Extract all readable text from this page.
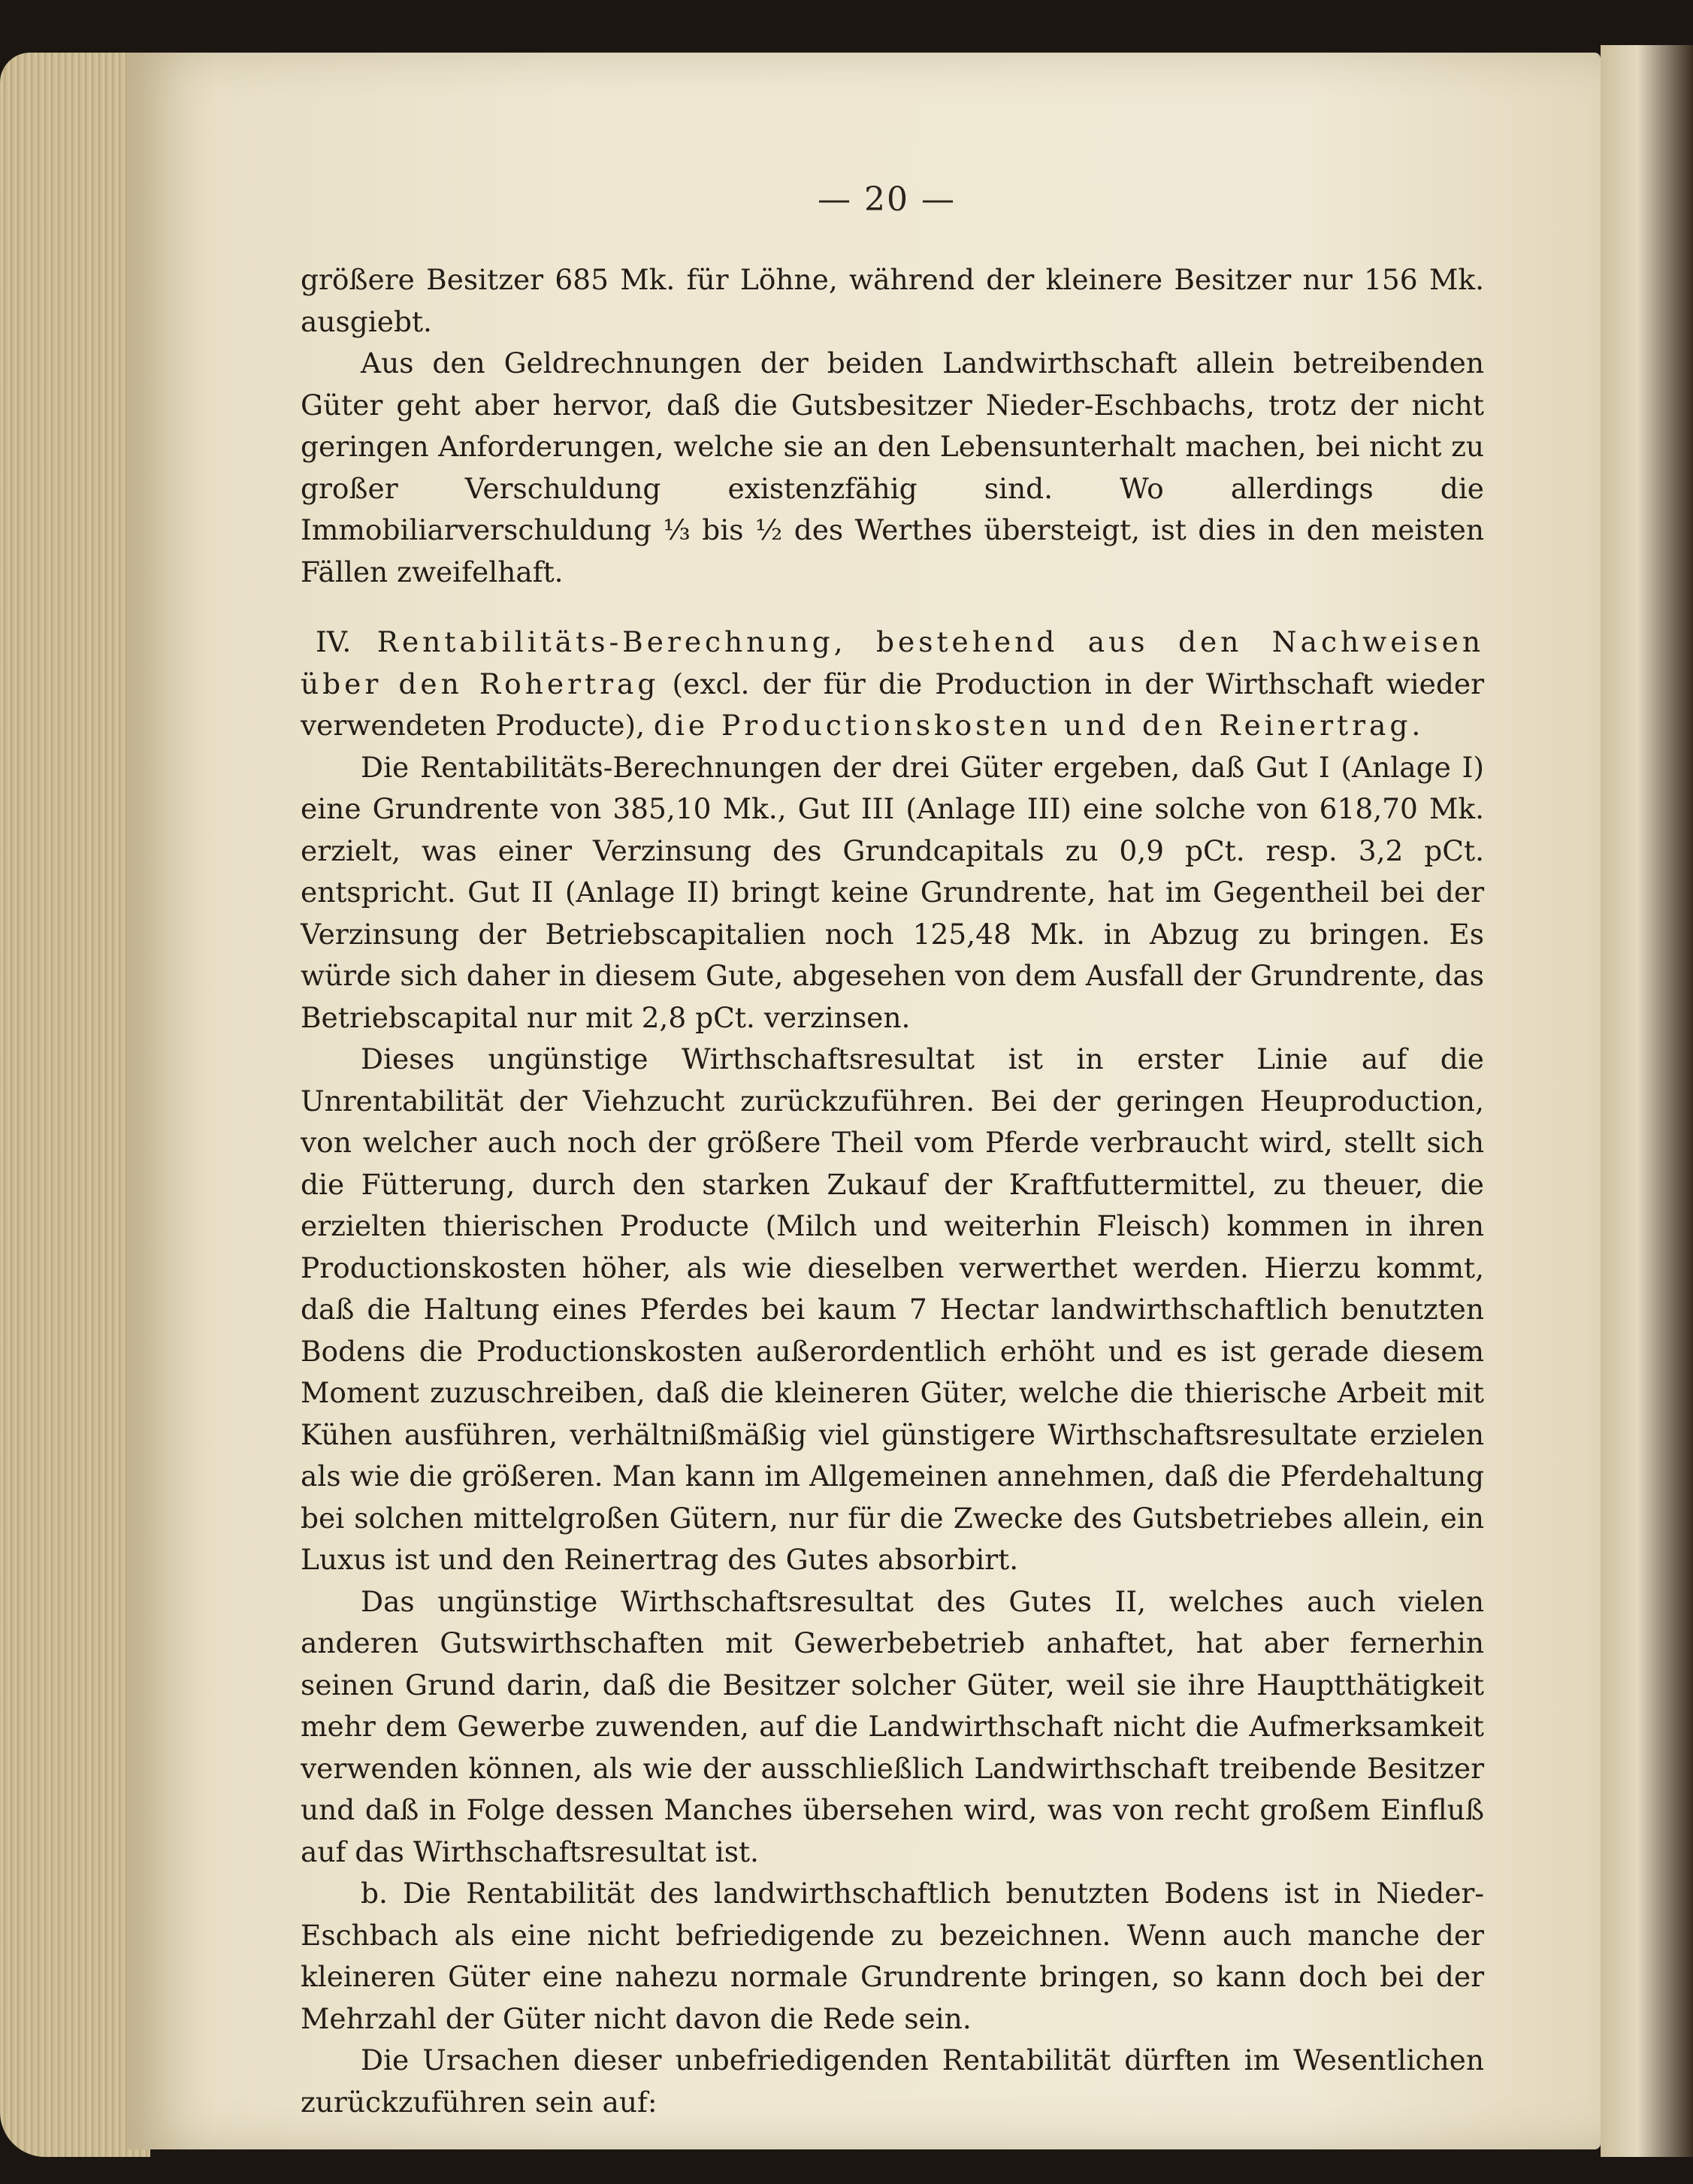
— 20 —

größere Besitzer 685 Mk. für Löhne, während der kleinere Besitzer nur 156 Mk. ausgiebt.

Aus den Geldrechnungen der beiden Landwirthschaft allein betreibenden Güter geht aber hervor, daß die Gutsbesitzer Nieder-Eschbachs, trotz der nicht geringen Anforderungen, welche sie an den Lebensunterhalt machen, bei nicht zu großer Verschuldung existenzfähig sind. Wo allerdings die Immobiliarverschuldung ⅓ bis ½ des Werthes übersteigt, ist dies in den meisten Fällen zweifelhaft.

IV. Rentabilitäts-Berechnung, bestehend aus den Nachweisen über den Rohertrag (excl. der für die Production in der Wirthschaft wieder verwendeten Producte), die Productionskosten und den Reinertrag.

Die Rentabilitäts-Berechnungen der drei Güter ergeben, daß Gut I (Anlage I) eine Grundrente von 385,10 Mk., Gut III (Anlage III) eine solche von 618,70 Mk. erzielt, was einer Verzinsung des Grundcapitals zu 0,9 pCt. resp. 3,2 pCt. entspricht. Gut II (Anlage II) bringt keine Grundrente, hat im Gegentheil bei der Verzinsung der Betriebscapitalien noch 125,48 Mk. in Abzug zu bringen. Es würde sich daher in diesem Gute, abgesehen von dem Ausfall der Grundrente, das Betriebscapital nur mit 2,8 pCt. verzinsen.

Dieses ungünstige Wirthschaftsresultat ist in erster Linie auf die Unrentabilität der Viehzucht zurückzuführen. Bei der geringen Heuproduction, von welcher auch noch der größere Theil vom Pferde verbraucht wird, stellt sich die Fütterung, durch den starken Zukauf der Kraftfuttermittel, zu theuer, die erzielten thierischen Producte (Milch und weiterhin Fleisch) kommen in ihren Productionskosten höher, als wie dieselben verwerthet werden. Hierzu kommt, daß die Haltung eines Pferdes bei kaum 7 Hectar landwirthschaftlich benutzten Bodens die Productionskosten außerordentlich erhöht und es ist gerade diesem Moment zuzuschreiben, daß die kleineren Güter, welche die thierische Arbeit mit Kühen ausführen, verhältnißmäßig viel günstigere Wirthschaftsresultate erzielen als wie die größeren. Man kann im Allgemeinen annehmen, daß die Pferdehaltung bei solchen mittelgroßen Gütern, nur für die Zwecke des Gutsbetriebes allein, ein Luxus ist und den Reinertrag des Gutes absorbirt.

Das ungünstige Wirthschaftsresultat des Gutes II, welches auch vielen anderen Gutswirthschaften mit Gewerbebetrieb anhaftet, hat aber fernerhin seinen Grund darin, daß die Besitzer solcher Güter, weil sie ihre Hauptthätigkeit mehr dem Gewerbe zuwenden, auf die Landwirthschaft nicht die Aufmerksamkeit verwenden können, als wie der ausschließlich Landwirthschaft treibende Besitzer und daß in Folge dessen Manches übersehen wird, was von recht großem Einfluß auf das Wirthschaftsresultat ist.

b. Die Rentabilität des landwirthschaftlich benutzten Bodens ist in Nieder-Eschbach als eine nicht befriedigende zu bezeichnen. Wenn auch manche der kleineren Güter eine nahezu normale Grundrente bringen, so kann doch bei der Mehrzahl der Güter nicht davon die Rede sein.

Die Ursachen dieser unbefriedigenden Rentabilität dürften im Wesentlichen zurückzuführen sein auf:
